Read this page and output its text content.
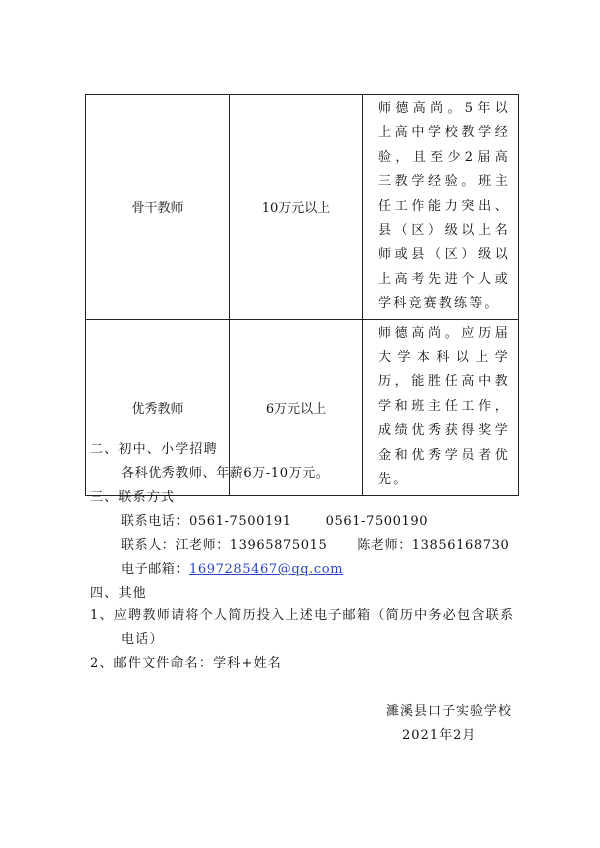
骨干教师	10万元以上	师德高尚。5年以上高中学校教学经验，且至少2届高三教学经验。班主任工作能力突出、县（区）级以上名师或县（区）级以上高考先进个人或学科竞赛教练等。

优秀教师	6万元以上	师德高尚。应历届大学本科以上学历，能胜任高中教学和班主任工作，成绩优秀获得奖学金和优秀学员者优先。
二、初中、小学招聘
各科优秀教师、年薪6万-10万元。
三、联系方式
联系电话：0561-7500191	0561-7500190
联系人：江老师：13965875015 陈老师：13856168730
电子邮箱：1697285467@qq.com
四、其他
1、应聘教师请将个人简历投入上述电子邮箱（简历中务必包含联系
电话）
2、邮件文件命名：学科+姓名
濉溪县口子实验学校
2021年2月
